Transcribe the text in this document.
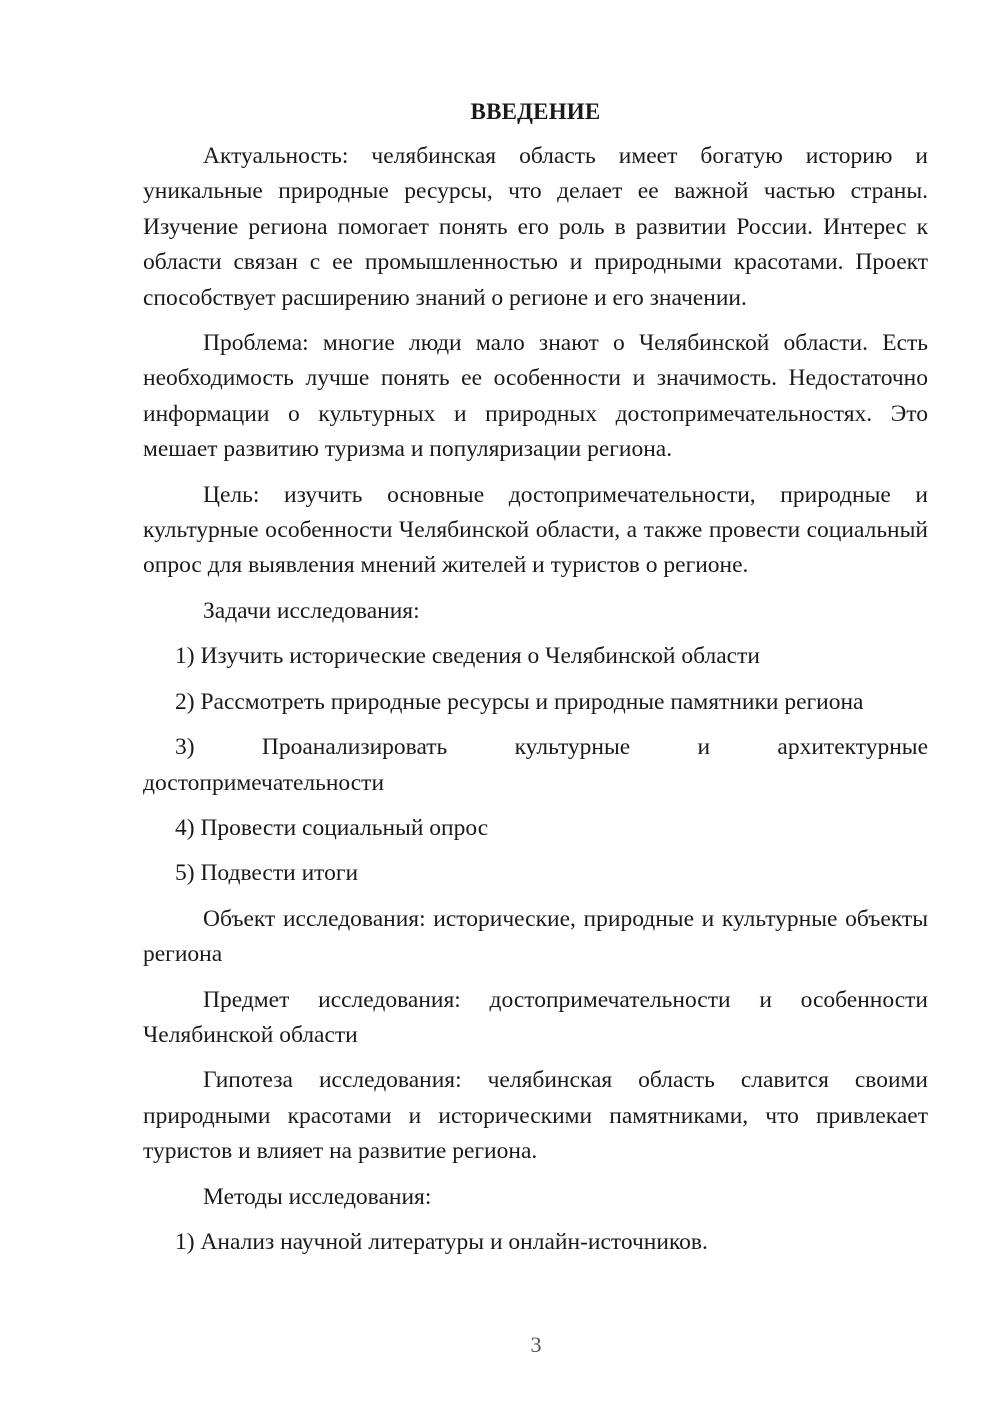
ВВЕДЕНИЕ

Актуальность: челябинская область имеет богатую историю и уникальные природные ресурсы, что делает ее важной частью страны. Изучение региона помогает понять его роль в развитии России. Интерес к области связан с ее промышленностью и природными красотами. Проект способствует расширению знаний о регионе и его значении.

Проблема: многие люди мало знают о Челябинской области. Есть необходимость лучше понять ее особенности и значимость. Недостаточно информации о культурных и природных достопримечательностях. Это мешает развитию туризма и популяризации региона.

Цель: изучить основные достопримечательности, природные и культурные особенности Челябинской области, а также провести социальный опрос для выявления мнений жителей и туристов о регионе.

Задачи исследования:

1) Изучить исторические сведения о Челябинской области

2) Рассмотреть природные ресурсы и природные памятники региона

3) Проанализировать культурные и архитектурные достопримечательности

4) Провести социальный опрос

5) Подвести итоги

Объект исследования: исторические, природные и культурные объекты региона

Предмет исследования: достопримечательности и особенности Челябинской области

Гипотеза исследования: челябинская область славится своими природными красотами и историческими памятниками, что привлекает туристов и влияет на развитие региона.

Методы исследования:

1) Анализ научной литературы и онлайн-источников.

3
